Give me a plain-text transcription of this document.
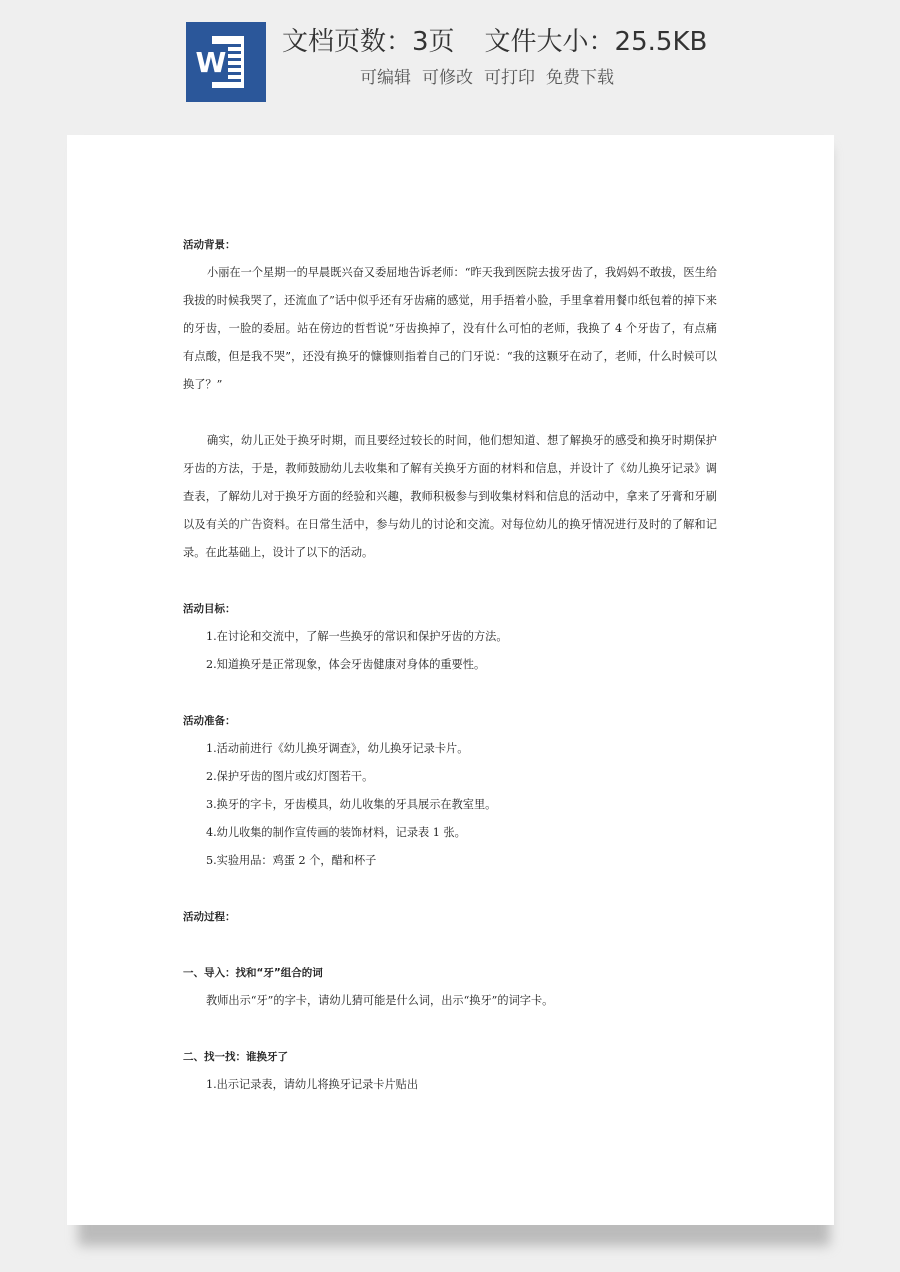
W
文档页数：3页 文件大小：25.5KB
可编辑 可修改 可打印 免费下载

活动背景：

小丽在一个星期一的早晨既兴奋又委屈地告诉老师：“昨天我到医院去拔牙齿了，我妈妈不敢拔，医生给我拔的时候我哭了，还流血了”话中似乎还有牙齿痛的感觉，用手捂着小脸，手里拿着用餐巾纸包着的掉下来的牙齿，一脸的委屈。站在傍边的哲哲说“牙齿换掉了，没有什么可怕的老师，我换了 4 个牙齿了，有点痛有点酸，但是我不哭”，还没有换牙的慷慷则指着自己的门牙说：“我的这颗牙在动了，老师，什么时候可以换了？”

确实，幼儿正处于换牙时期，而且要经过较长的时间，他们想知道、想了解换牙的感受和换牙时期保护牙齿的方法，于是，教师鼓励幼儿去收集和了解有关换牙方面的材料和信息，并设计了《幼儿换牙记录》调查表，了解幼儿对于换牙方面的经验和兴趣，教师积极参与到收集材料和信息的活动中，拿来了牙膏和牙刷以及有关的广告资料。在日常生活中，参与幼儿的讨论和交流。对每位幼儿的换牙情况进行及时的了解和记录。在此基础上，设计了以下的活动。

活动目标：

1.在讨论和交流中，了解一些换牙的常识和保护牙齿的方法。

2.知道换牙是正常现象，体会牙齿健康对身体的重要性。

活动准备：

1.活动前进行《幼儿换牙调查》，幼儿换牙记录卡片。

2.保护牙齿的图片或幻灯图若干。

3.换牙的字卡，牙齿模具，幼儿收集的牙具展示在教室里。

4.幼儿收集的制作宣传画的装饰材料，记录表 1 张。

5.实验用品：鸡蛋 2 个，醋和杯子

活动过程：

一、导入：找和“牙”组合的词

教师出示“牙”的字卡，请幼儿猜可能是什么词，出示“换牙”的词字卡。

二、找一找：谁换牙了

1.出示记录表，请幼儿将换牙记录卡片贴出
